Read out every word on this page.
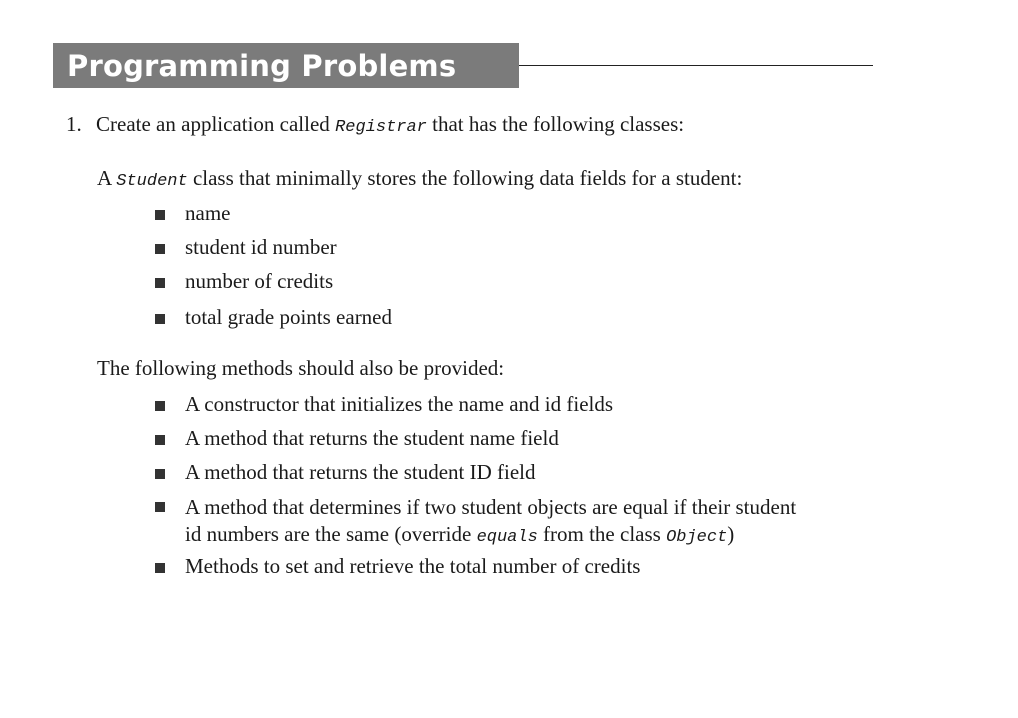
Programming Problems
1. Create an application called Registrar that has the following classes:
A Student class that minimally stores the following data fields for a student:
name
student id number
number of credits
total grade points earned
The following methods should also be provided:
A constructor that initializes the name and id fields
A method that returns the student name field
A method that returns the student ID field
A method that determines if two student objects are equal if their student
id numbers are the same (override equals from the class Object)
Methods to set and retrieve the total number of credits
